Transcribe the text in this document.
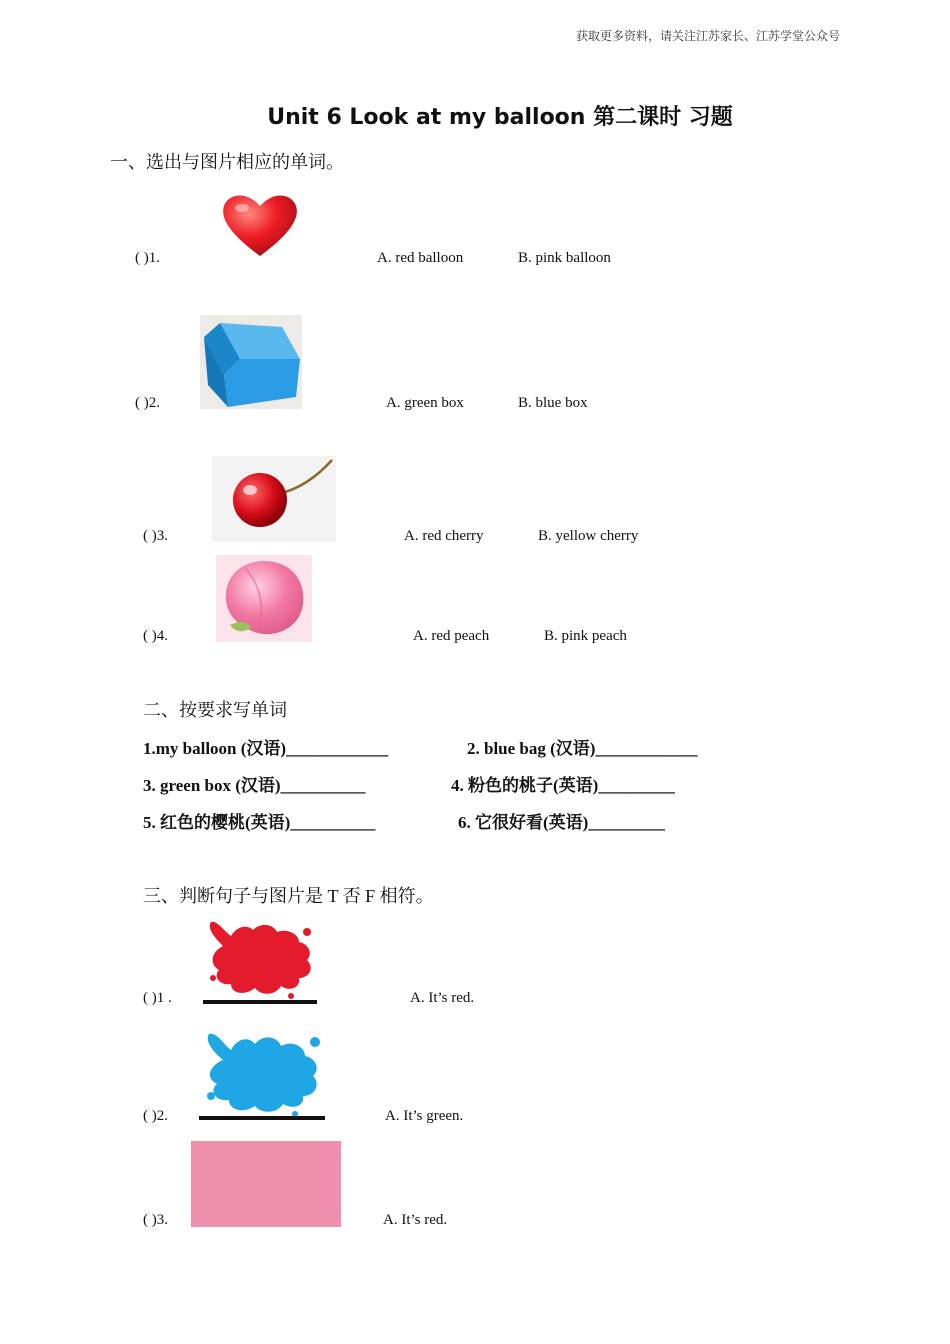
获取更多资料，请关注江苏家长、江苏学堂公众号
Unit 6 Look at my balloon 第二课时 习题
一、选出与图片相应的单词。
( )1.	A. red balloon	B. pink balloon
( )2.	A. green box	B. blue box
( )3.	A. red cherry	B. yellow cherry
( )4.	A. red peach	B. pink peach
二、按要求写单词
1.my balloon (汉语)____________	2. blue bag (汉语)____________
3. green box (汉语)__________	4. 粉色的桃子(英语)_________
5. 红色的樱桃(英语)__________	6. 它很好看(英语)_________
三、判断句子与图片是 T 否 F 相符。
( )1 .	A. It’s red.
( )2.	A. It’s green.
( )3.	A. It’s red.
